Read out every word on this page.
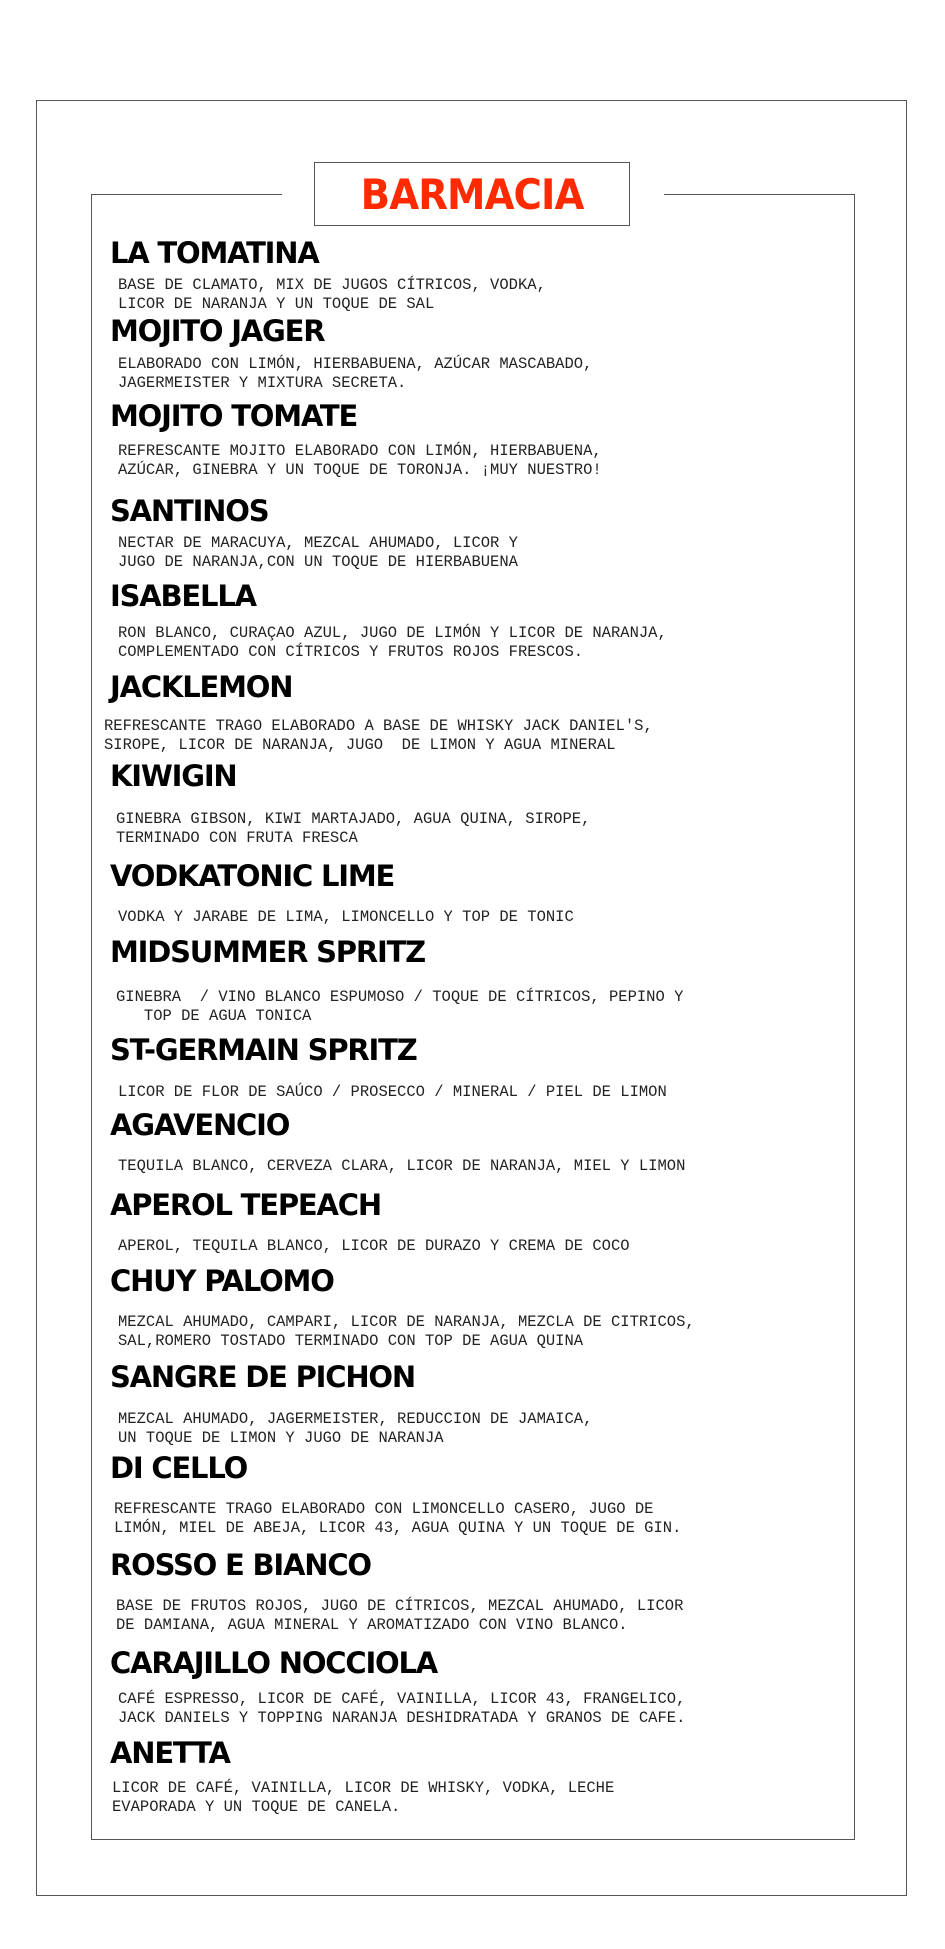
BARMACIA
LA TOMATINA
BASE DE CLAMATO, MIX DE JUGOS CÍTRICOS, VODKA,
LICOR DE NARANJA Y UN TOQUE DE SAL
MOJITO JAGER
ELABORADO CON LIMÓN, HIERBABUENA, AZÚCAR MASCABADO,
JAGERMEISTER Y MIXTURA SECRETA.
MOJITO TOMATE
REFRESCANTE MOJITO ELABORADO CON LIMÓN, HIERBABUENA,
AZÚCAR, GINEBRA Y UN TOQUE DE TORONJA. ¡MUY NUESTRO!
SANTINOS
NECTAR DE MARACUYA, MEZCAL AHUMADO, LICOR Y
JUGO DE NARANJA,CON UN TOQUE DE HIERBABUENA
ISABELLA
RON BLANCO, CURAÇAO AZUL, JUGO DE LIMÓN Y LICOR DE NARANJA,
COMPLEMENTADO CON CÍTRICOS Y FRUTOS ROJOS FRESCOS.
JACKLEMON
REFRESCANTE TRAGO ELABORADO A BASE DE WHISKY JACK DANIEL'S,
SIROPE, LICOR DE NARANJA, JUGO  DE LIMON Y AGUA MINERAL
KIWIGIN
GINEBRA GIBSON, KIWI MARTAJADO, AGUA QUINA, SIROPE,
TERMINADO CON FRUTA FRESCA
VODKATONIC LIME
VODKA Y JARABE DE LIMA, LIMONCELLO Y TOP DE TONIC
MIDSUMMER SPRITZ
GINEBRA  / VINO BLANCO ESPUMOSO / TOQUE DE CÍTRICOS, PEPINO Y
TOP DE AGUA TONICA
ST-GERMAIN SPRITZ
LICOR DE FLOR DE SAÚCO / PROSECCO / MINERAL / PIEL DE LIMON
AGAVENCIO
TEQUILA BLANCO, CERVEZA CLARA, LICOR DE NARANJA, MIEL Y LIMON
APEROL TEPEACH
APEROL, TEQUILA BLANCO, LICOR DE DURAZO Y CREMA DE COCO
CHUY PALOMO
MEZCAL AHUMADO, CAMPARI, LICOR DE NARANJA, MEZCLA DE CITRICOS,
SAL,ROMERO TOSTADO TERMINADO CON TOP DE AGUA QUINA
SANGRE DE PICHON
MEZCAL AHUMADO, JAGERMEISTER, REDUCCION DE JAMAICA,
UN TOQUE DE LIMON Y JUGO DE NARANJA
DI CELLO
REFRESCANTE TRAGO ELABORADO CON LIMONCELLO CASERO, JUGO DE
LIMÓN, MIEL DE ABEJA, LICOR 43, AGUA QUINA Y UN TOQUE DE GIN.
ROSSO E BIANCO
BASE DE FRUTOS ROJOS, JUGO DE CÍTRICOS, MEZCAL AHUMADO, LICOR
DE DAMIANA, AGUA MINERAL Y AROMATIZADO CON VINO BLANCO.
CARAJILLO NOCCIOLA
CAFÉ ESPRESSO, LICOR DE CAFÉ, VAINILLA, LICOR 43, FRANGELICO,
JACK DANIELS Y TOPPING NARANJA DESHIDRATADA Y GRANOS DE CAFE.
ANETTA
LICOR DE CAFÉ, VAINILLA, LICOR DE WHISKY, VODKA, LECHE
EVAPORADA Y UN TOQUE DE CANELA.
